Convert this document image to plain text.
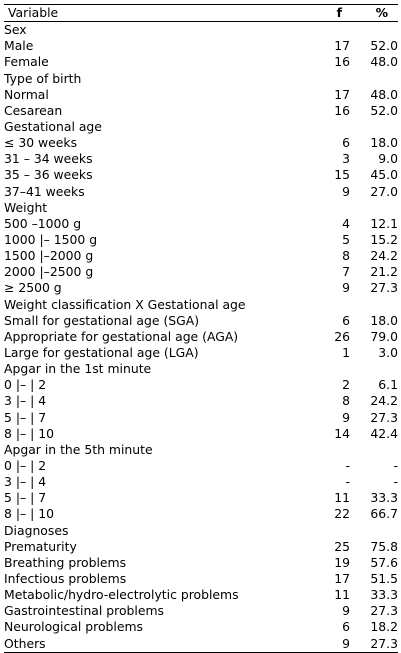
Variable	f	%
Sex		
Male	17	52.0
Female	16	48.0
Type of birth		
Normal	17	48.0
Cesarean	16	52.0
Gestational age		
≤ 30 weeks	6	18.0
31 – 34 weeks	3	9.0
35 – 36 weeks	15	45.0
37–41 weeks	9	27.0
Weight		
500 –1000 g	4	12.1
1000 |– 1500 g	5	15.2
1500 |–2000 g	8	24.2
2000 |–2500 g	7	21.2
≥ 2500 g	9	27.3
Weight classification X Gestational age		
Small for gestational age (SGA)	6	18.0
Appropriate for gestational age (AGA)	26	79.0
Large for gestational age (LGA)	1	3.0
Apgar in the 1st minute		
0 |– | 2	2	6.1
3 |– | 4	8	24.2
5 |– | 7	9	27.3
8 |– | 10	14	42.4
Apgar in the 5th minute		
0 |– | 2	-	-
3 |– | 4	-	-
5 |– | 7	11	33.3
8 |– | 10	22	66.7
Diagnoses		
Prematurity	25	75.8
Breathing problems	19	57.6
Infectious problems	17	51.5
Metabolic/hydro-electrolytic problems	11	33.3
Gastrointestinal problems	9	27.3
Neurological problems	6	18.2
Others	9	27.3
